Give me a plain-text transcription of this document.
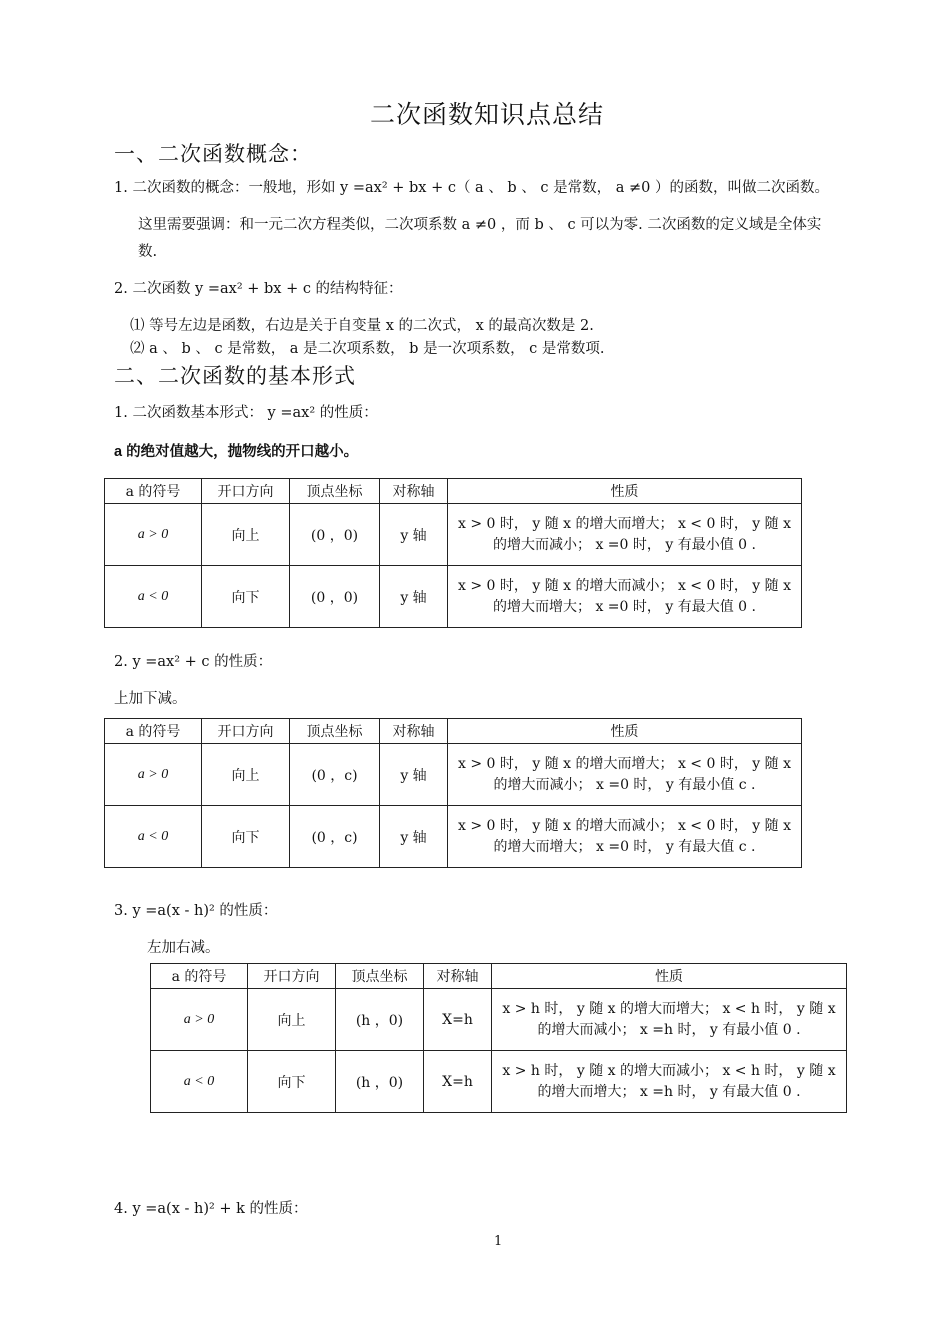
二次函数知识点总结
一、二次函数概念：
1. 二次函数的概念：一般地，形如 y =ax² + bx + c（ a 、 b 、 c 是常数， a ≠0 ）的函数，叫做二次函数。
这里需要强调：和一元二次方程类似，二次项系数 a ≠0 ，而 b 、 c 可以为零. 二次函数的定义域是全体实
数.
2. 二次函数 y =ax² + bx + c 的结构特征：
⑴ 等号左边是函数，右边是关于自变量 x 的二次式， x 的最高次数是 2.
⑵ a 、 b 、 c 是常数， a 是二次项系数， b 是一次项系数， c 是常数项.
二、二次函数的基本形式
1. 二次函数基本形式： y =ax² 的性质：
a 的绝对值越大，抛物线的开口越小。
a 的符号	开口方向	顶点坐标	对称轴	性质
a > 0	向上	(0 ，0)	y 轴	x > 0 时， y 随 x 的增大而增大； x < 0 时， y 随 x 的增大而减小； x =0 时， y 有最小值 0 .
a < 0	向下	(0 ，0)	y 轴	x > 0 时， y 随 x 的增大而减小； x < 0 时， y 随 x 的增大而增大； x =0 时， y 有最大值 0 .
2. y =ax² + c 的性质：
上加下减。
a 的符号	开口方向	顶点坐标	对称轴	性质
a > 0	向上	(0 ，c)	y 轴	x > 0 时， y 随 x 的增大而增大； x < 0 时， y 随 x 的增大而减小； x =0 时， y 有最小值 c .
a < 0	向下	(0 ，c)	y 轴	x > 0 时， y 随 x 的增大而减小； x < 0 时， y 随 x 的增大而增大； x =0 时， y 有最大值 c .
3. y =a(x - h)² 的性质：
左加右减。
a 的符号	开口方向	顶点坐标	对称轴	性质
a > 0	向上	(h ，0)	X=h	x > h 时， y 随 x 的增大而增大； x < h 时， y 随 x 的增大而减小； x =h 时， y 有最小值 0 .
a < 0	向下	(h ，0)	X=h	x > h 时， y 随 x 的增大而减小； x < h 时， y 随 x 的增大而增大； x =h 时， y 有最大值 0 .
4. y =a(x - h)² + k 的性质：
1
